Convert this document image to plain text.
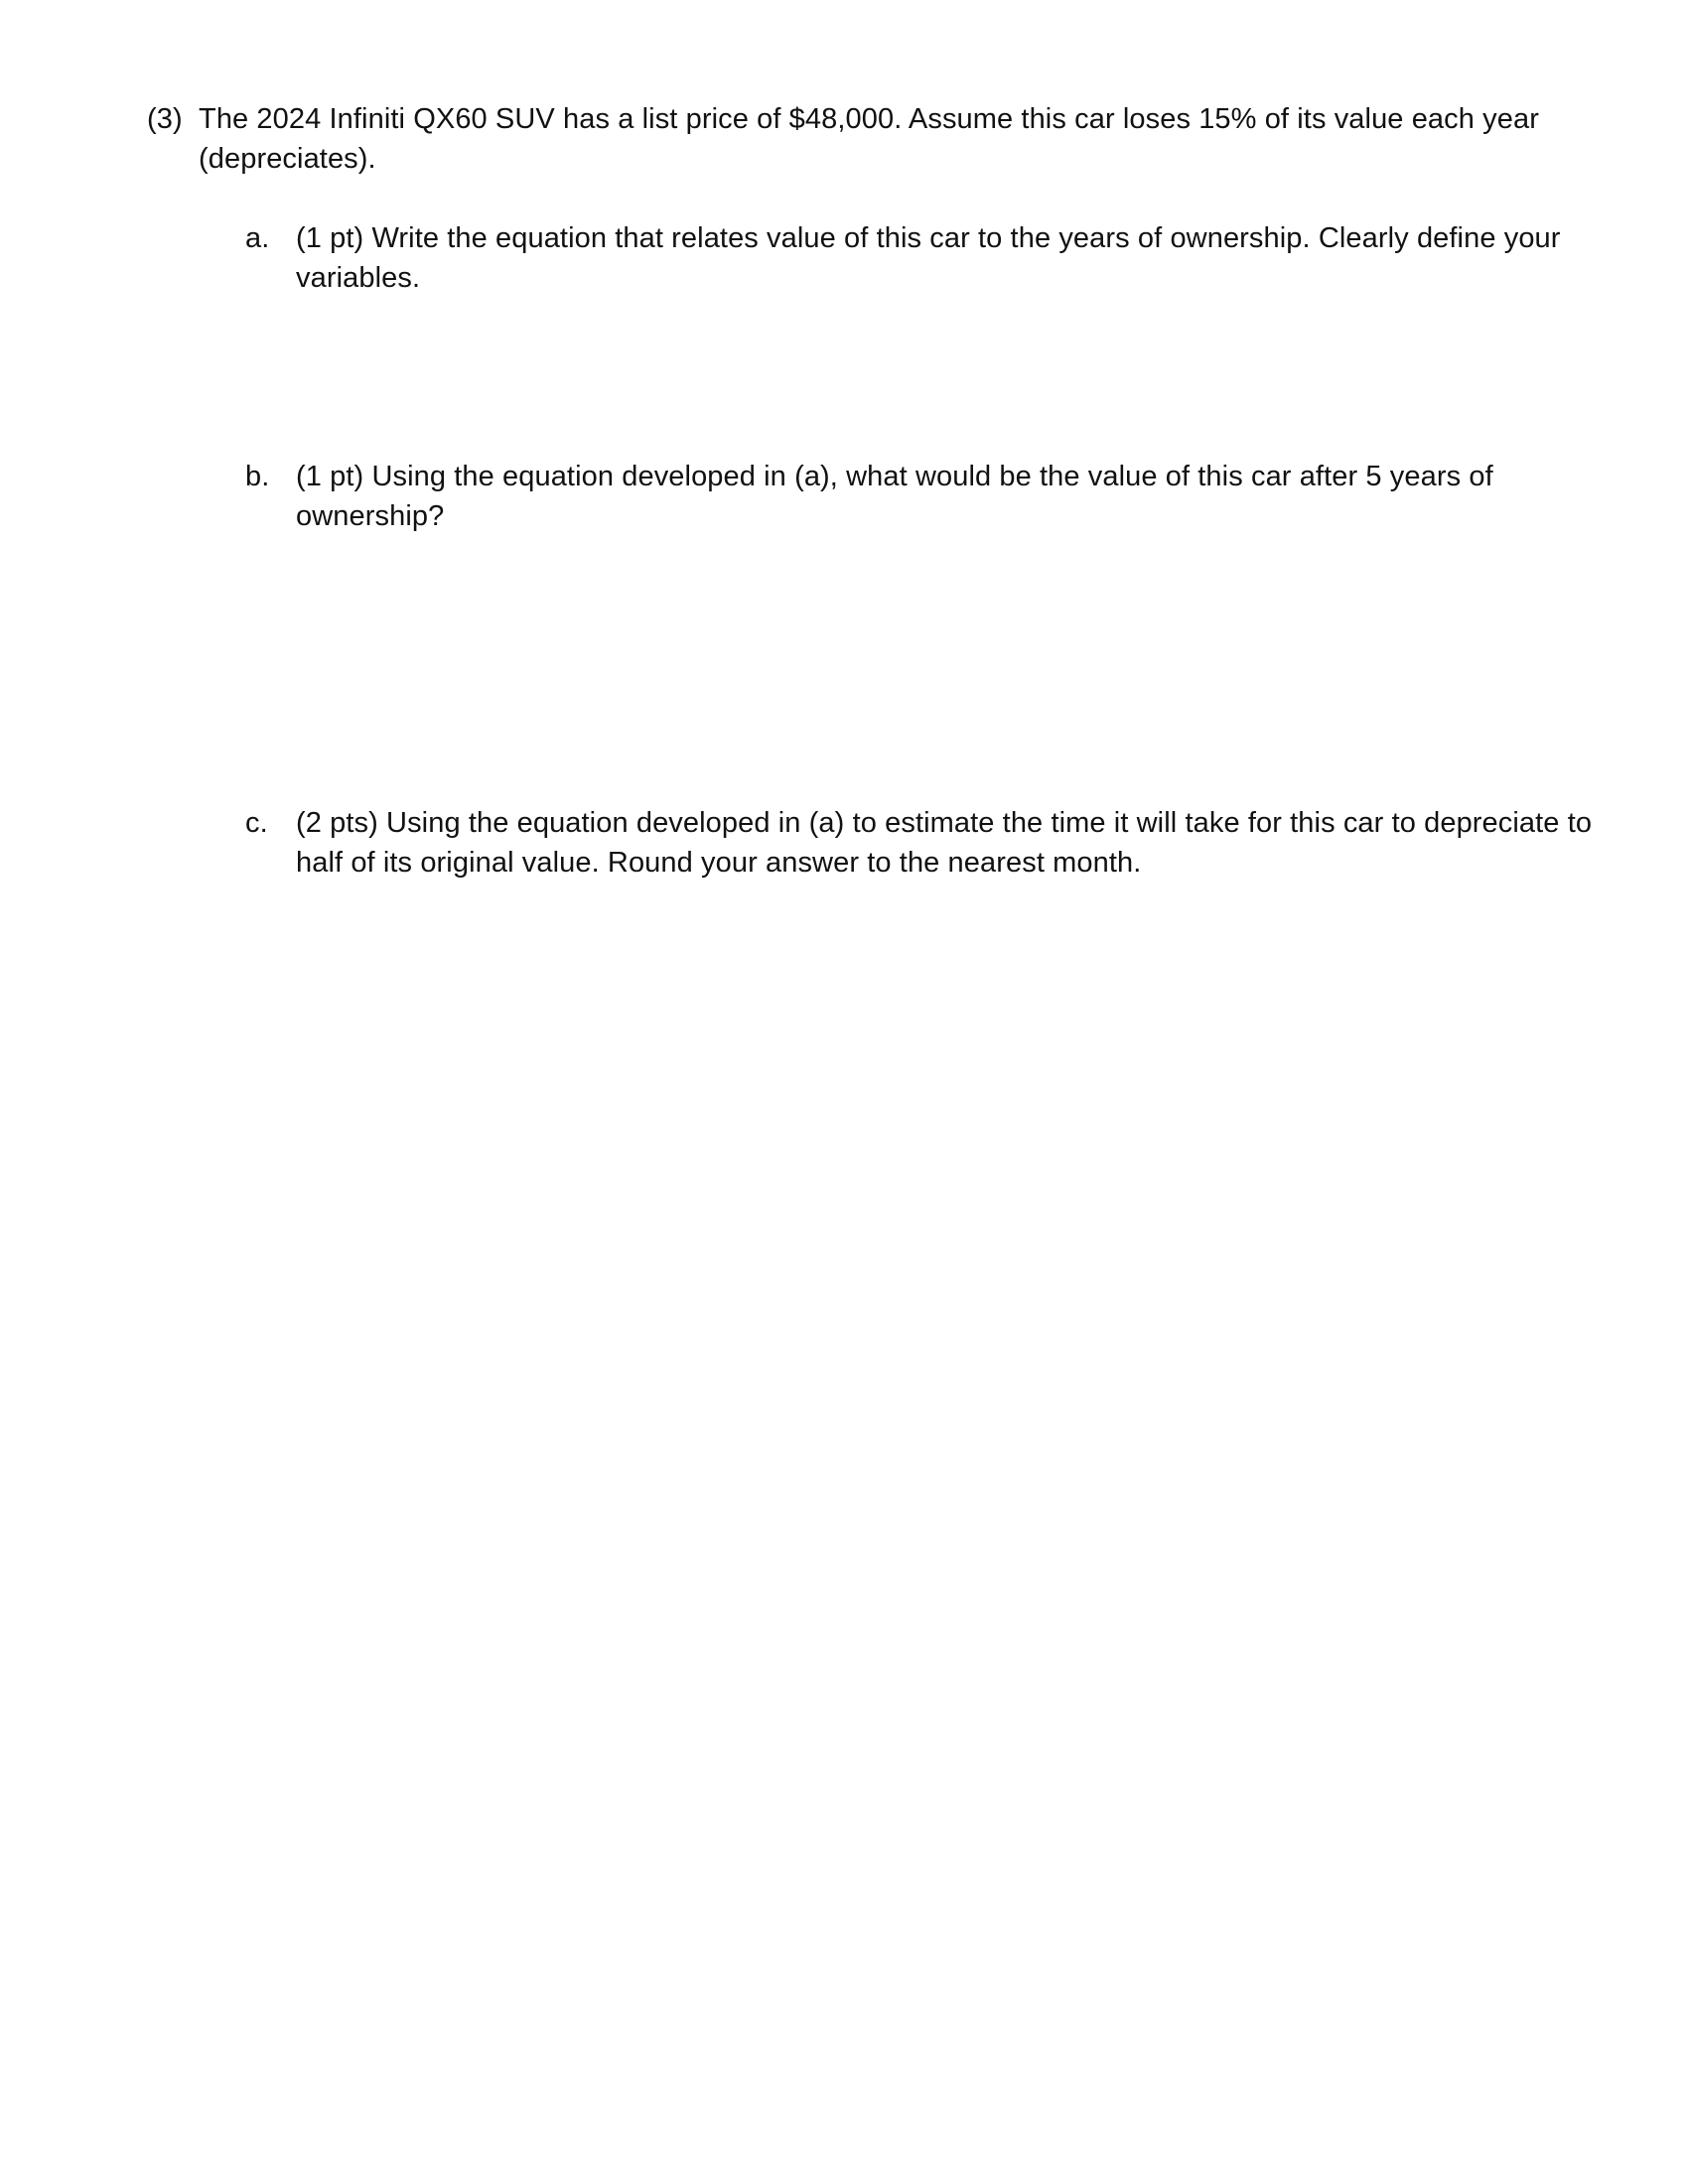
(3) The 2024 Infiniti QX60 SUV has a list price of $48,000. Assume this car loses 15% of its value each year
(depreciates).
a. (1 pt) Write the equation that relates value of this car to the years of ownership. Clearly define your
variables.
b. (1 pt) Using the equation developed in (a), what would be the value of this car after 5 years of
ownership?
c. (2 pts) Using the equation developed in (a) to estimate the time it will take for this car to depreciate to
half of its original value. Round your answer to the nearest month.
